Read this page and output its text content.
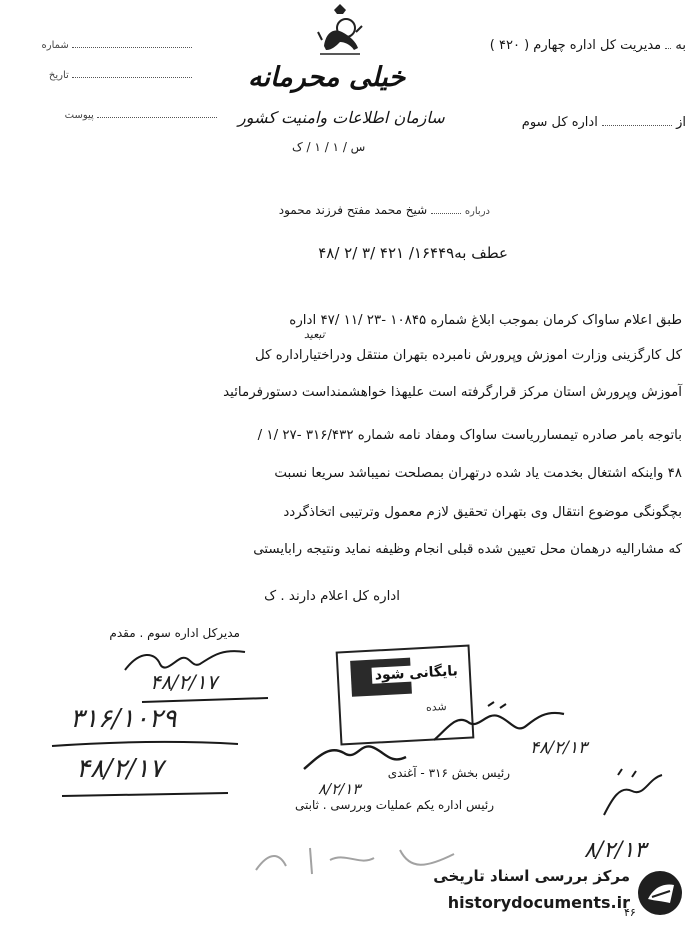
به  مدیریت کل اداره چهارم ( ۴۲۰ )
از  اداره کل سوم
شماره
تاریخ
پیوست
خیلی محرمانه
سازمان اطلاعات وامنیت کشور
س / ۱ / ۱ / ک
درباره  شیخ محمد مفتح فرزند محمود
عطف به۱۶۴۴۹/ ۴۲۱ /۳ /۲ /۴۸
طبق اعلام ساواک کرمان بموجب ابلاغ شماره ۱۰۸۴۵ -۲۳ /۱۱ /۴۷ اداره
کل کارگزینی وزارت اموزش وپرورش نامبرده بتهران منتقل ودراختیاراداره کل
تبعید
آموزش وپرورش استان مرکز قرارگرفته است علیهذا خواهشمنداست دستورفرمائید
باتوجه بامر صادره تیمسارریاست ساواک ومفاد نامه شماره ۳۱۶/۴۳۲ -۲۷ /۱ /
۴۸ واینکه اشتغال بخدمت یاد شده درتهران بمصلحت نمیباشد سریعا نسبت
بچگونگی موضوع انتقال وی بتهران تحقیق لازم معمول وترتیبی اتخاذگردد
که مشارالیه درهمان محل تعیین شده قبلی انجام وظیفه نماید ونتیجه رابایستی
اداره کل اعلام دارند . ک
مدیرکل اداره سوم . مقدم
۴۸/۲/۱۷
۳۱۶/۱۰۲۹
۴۸/۲/۱۷
بایگانی شود
شده
۴۸/۲/۱۳
۸/۲/۱۳
رئیس بخش ۳۱۶ - آغندی
رئیس اداره یکم عملیات وبررسی . ثابتی
۸/۲/۱۳
۴۶
مرکز بررسی اسناد تاریخی
historydocuments.ir
